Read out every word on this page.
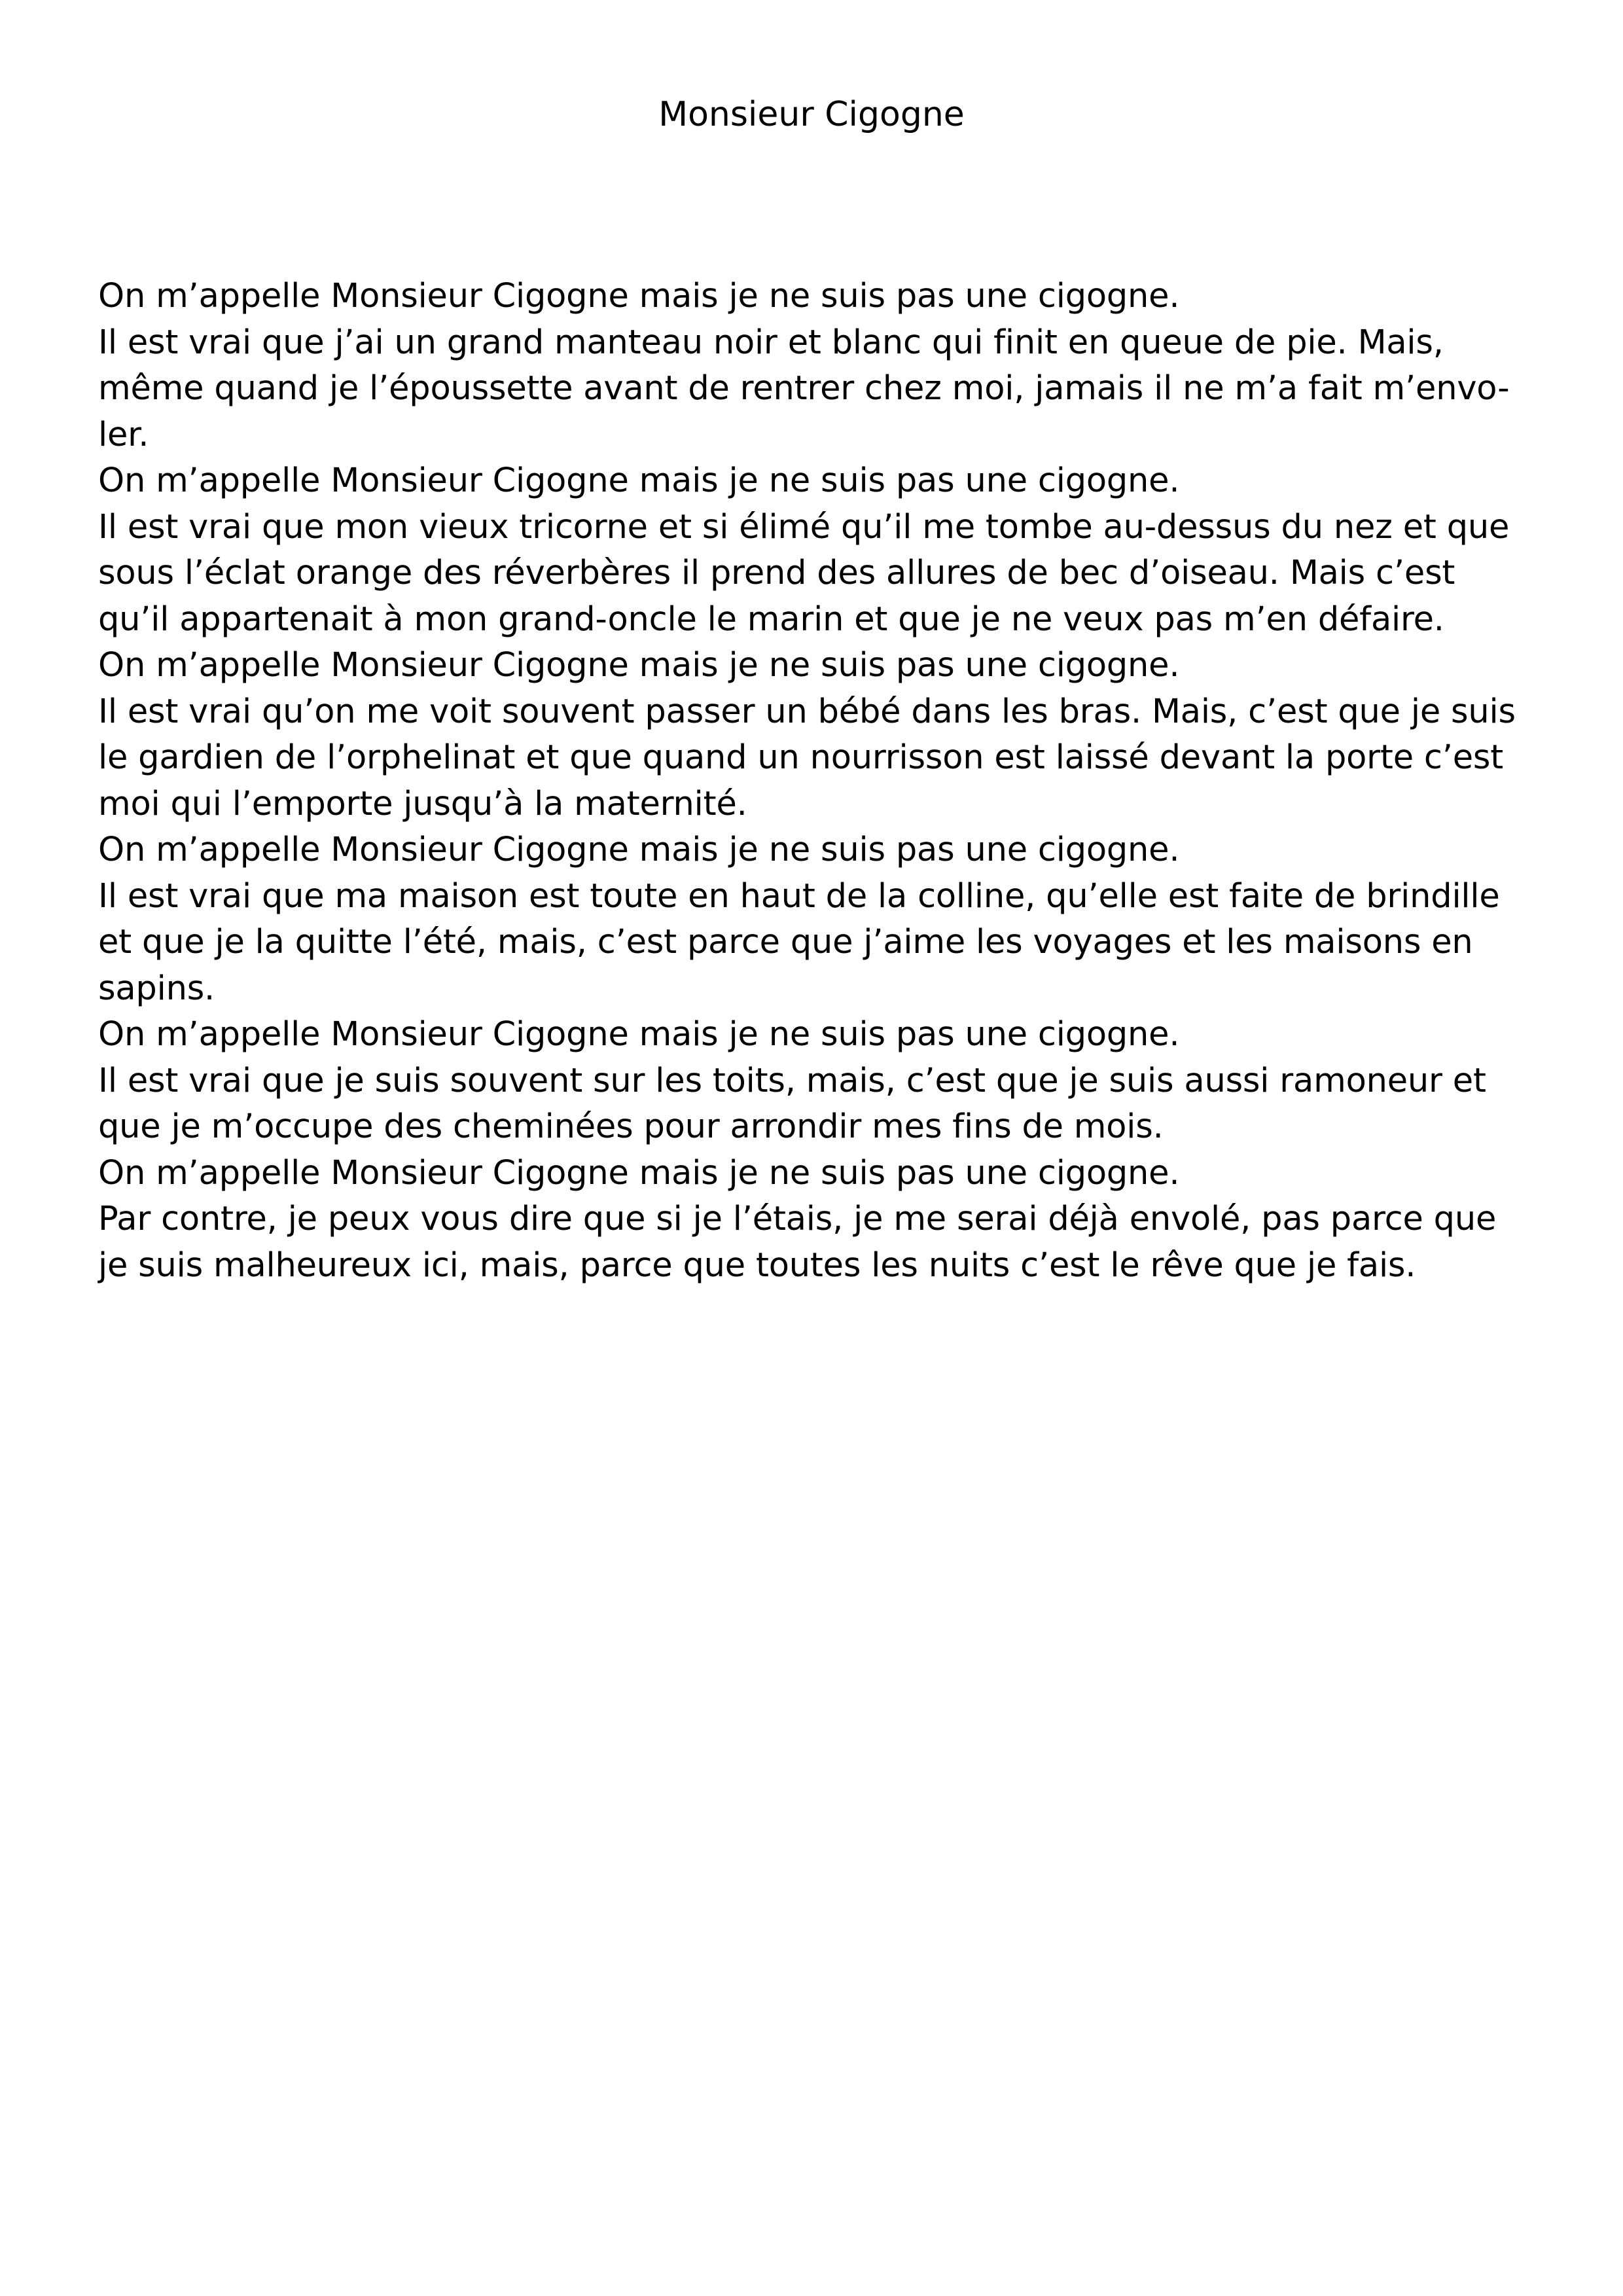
Monsieur Cigogne
On m’appelle Monsieur Cigogne mais je ne suis pas une cigogne.
Il est vrai que j’ai un grand manteau noir et blanc qui finit en queue de pie. Mais,
même quand je l’époussette avant de rentrer chez moi, jamais il ne m’a fait m’envo-
ler.
On m’appelle Monsieur Cigogne mais je ne suis pas une cigogne.
Il est vrai que mon vieux tricorne et si élimé qu’il me tombe au-dessus du nez et que
sous l’éclat orange des réverbères il prend des allures de bec d’oiseau. Mais c’est
qu’il appartenait à mon grand-oncle le marin et que je ne veux pas m’en défaire.
On m’appelle Monsieur Cigogne mais je ne suis pas une cigogne.
Il est vrai qu’on me voit souvent passer un bébé dans les bras. Mais, c’est que je suis
le gardien de l’orphelinat et que quand un nourrisson est laissé devant la porte c’est
moi qui l’emporte jusqu’à la maternité.
On m’appelle Monsieur Cigogne mais je ne suis pas une cigogne.
Il est vrai que ma maison est toute en haut de la colline, qu’elle est faite de brindille
et que je la quitte l’été, mais, c’est parce que j’aime les voyages et les maisons en
sapins.
On m’appelle Monsieur Cigogne mais je ne suis pas une cigogne.
Il est vrai que je suis souvent sur les toits, mais, c’est que je suis aussi ramoneur et
que je m’occupe des cheminées pour arrondir mes fins de mois.
On m’appelle Monsieur Cigogne mais je ne suis pas une cigogne.
Par contre, je peux vous dire que si je l’étais, je me serai déjà envolé, pas parce que
je suis malheureux ici, mais, parce que toutes les nuits c’est le rêve que je fais.
